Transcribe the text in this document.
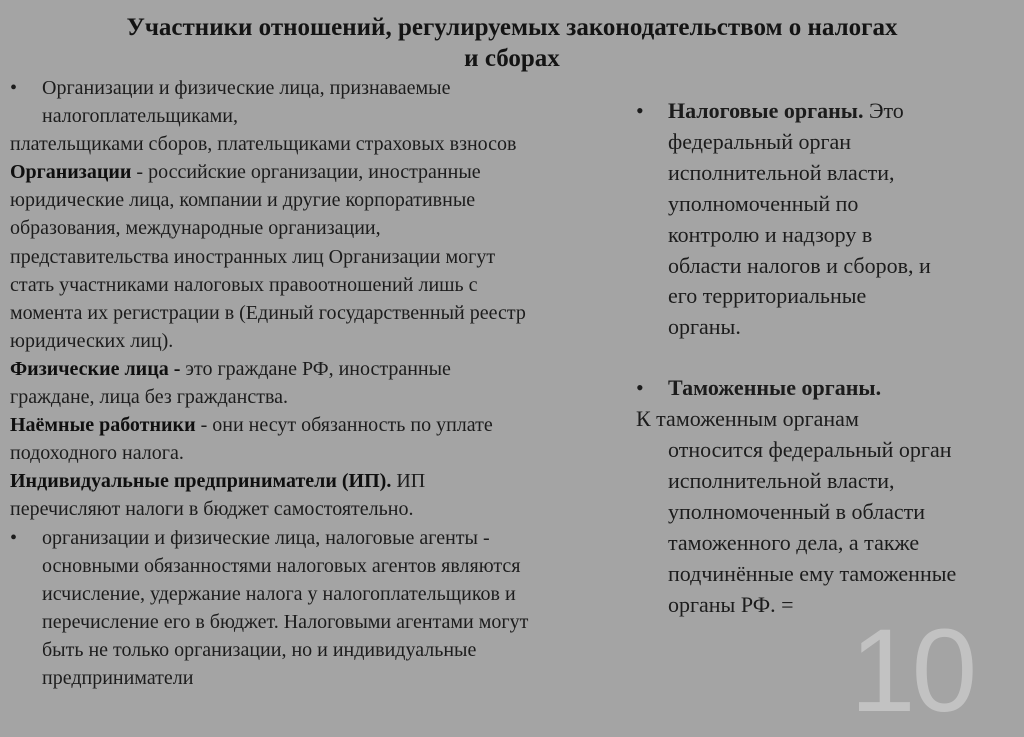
Участники отношений, регулируемых законодательством о налогах
и сборах
•	Организации и физические лица, признаваемые
налогоплательщиками,
плательщиками сборов, плательщиками страховых взносов
Организации - российские организации, иностранные
юридические лица, компании и другие корпоративные
образования, международные организации,
представительства иностранных лиц Организации могут
стать участниками налоговых правоотношений лишь с
момента их регистрации в (Единый государственный реестр
юридических лиц).
Физические лица - это граждане РФ, иностранные
граждане, лица без гражданства.
Наёмные работники - они несут обязанность по уплате
подоходного налога.
Индивидуальные предприниматели (ИП). ИП
перечисляют налоги в бюджет самостоятельно.
•	организации и физические лица, налоговые агенты -
основными обязанностями налоговых агентов являются
исчисление, удержание налога у налогоплательщиков и
перечисление его в бюджет. Налоговыми агентами могут
быть не только организации, но и индивидуальные
предприниматели
•	Налоговые органы. Это
федеральный орган
исполнительной власти,
уполномоченный по
контролю и надзору в
области налогов и сборов, и
его территориальные
органы.
•	Таможенные органы.
К таможенным органам
относится федеральный орган
исполнительной власти,
уполномоченный в области
таможенного дела, а также
подчинённые ему таможенные
органы РФ. =
10
